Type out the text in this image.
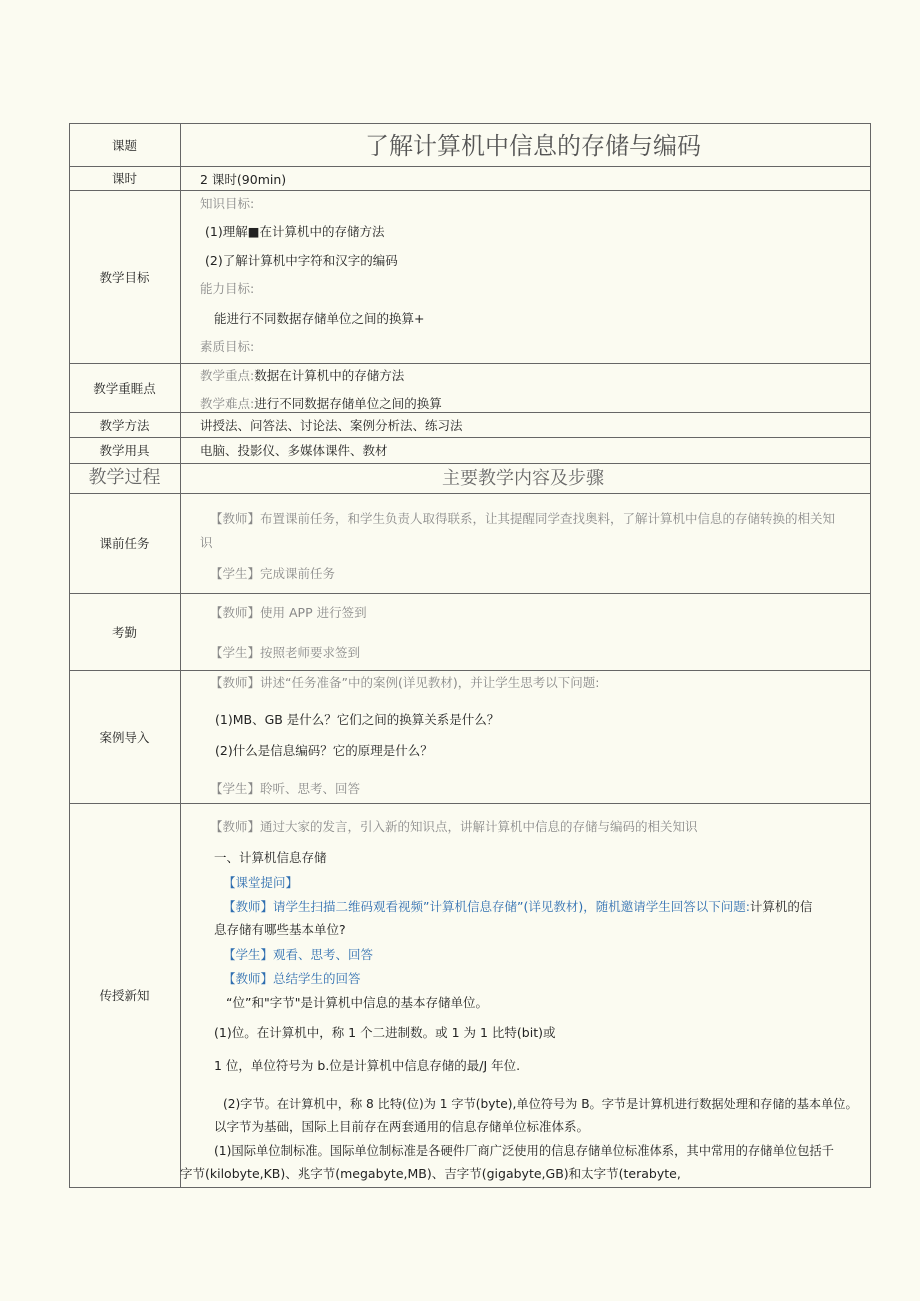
课题
课时
教学目标
教学重睚点
教学方法
教学用具
教学过程
课前任务
考勤
案例导入
传授新知
了解计算机中信息的存储与编码
2 课时(90min)
知识目标:
(1)理解■在计算机中的存储方法
(2)了解计算机中字符和汉字的编码
能力目标:
能进行不同数据存储单位之间的换算+
素质目标:
教学重点:数据在计算机中的存储方法
教学难点:进行不同数据存储单位之间的换算
讲授法、问答法、讨论法、案例分析法、练习法
电脑、投影仪、多媒体课件、教材
主要教学内容及步骤
【教师】布置课前任务，和学生负责人取得联系，让其提醒同学查找奥料，了解计算机中信息的存储转换的相关知
识
【学生】完成课前任务
【教师】使用 APP 进行签到
【学生】按照老师要求签到
【教师】讲述“任务准备”中的案例(详见教材)，并让学生思考以下问题:
(1)MB、GB 是什么？它们之间的换算关系是什么？
(2)什么是信息编码？它的原理是什么？
【学生】聆听、思考、回答
【教师】通过大家的发言，引入新的知识点，讲解计算机中信息的存储与编码的相关知识
一、计算机信息存储
【课堂提问】
【教师】请学生扫描二维码观看视频”计算机信息存储”(详见教材)，随机邀请学生回答以下问题:计算机的信
息存储有哪些基本单位?
【学生】观看、思考、回答
【教师】总结学生的回答
“位”和"字节"是计算机中信息的基本存储单位。
(1)位。在计算机中，称 1 个二进制数。或 1 为 1 比特(bit)或
1 位，单位符号为 b.位是计算机中信息存储的最/J 年位.
(2)字节。在计算机中，称 8 比特(位)为 1 字节(byte),单位符号为 B。字节是计算机进行数据处理和存储的基本单位。
以字节为基础，国际上目前存在两套通用的信息存储单位标准体系。
(1)国际单位制标准。国际单位制标准是各硬件厂商广泛使用的信息存储单位标准体系，其中常用的存储单位包括千
字节(kilobyte,KB)、兆字节(megabyte,MB)、吉字节(gigabyte,GB)和太字节(terabyte,
